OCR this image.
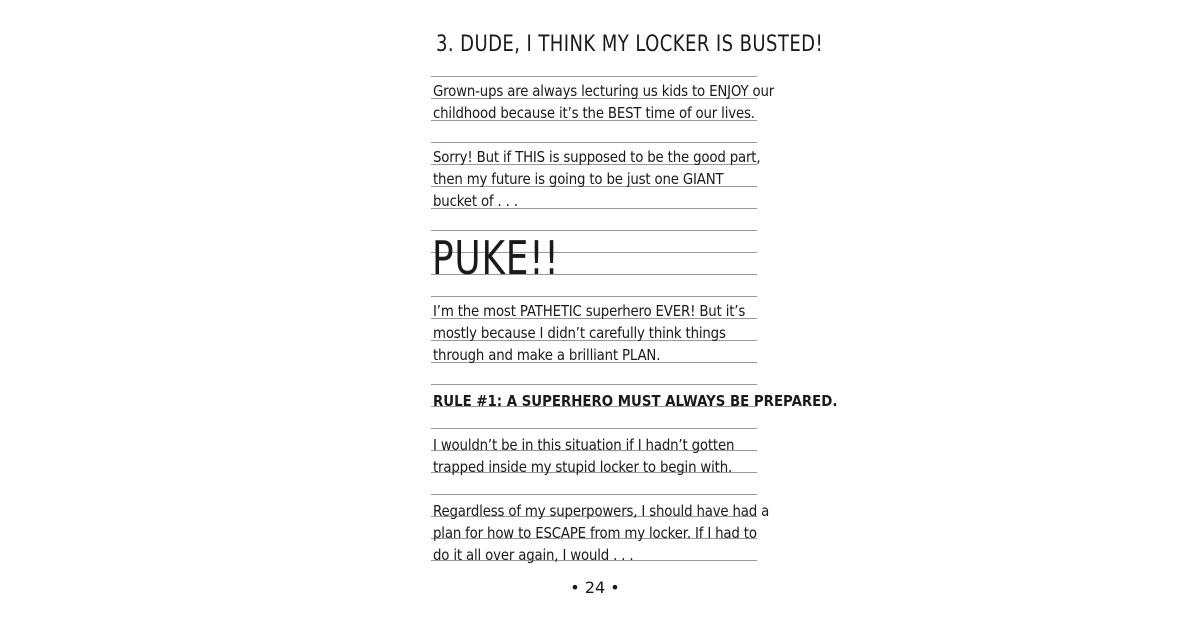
3. DUDE, I THINK MY LOCKER IS BUSTED!
Grown-ups are always lecturing us kids to ENJOY our
childhood because it’s the BEST time of our lives.
Sorry! But if THIS is supposed to be the good part,
then my future is going to be just one GIANT
bucket of . . .
PUKE!!
I’m the most PATHETIC superhero EVER! But it’s
mostly because I didn’t carefully think things
through and make a brilliant PLAN.
RULE #1: A SUPERHERO MUST ALWAYS BE PREPARED.
I wouldn’t be in this situation if I hadn’t gotten
trapped inside my stupid locker to begin with.
Regardless of my superpowers, I should have had a
plan for how to ESCAPE from my locker. If I had to
do it all over again, I would . . .
• 24 •
